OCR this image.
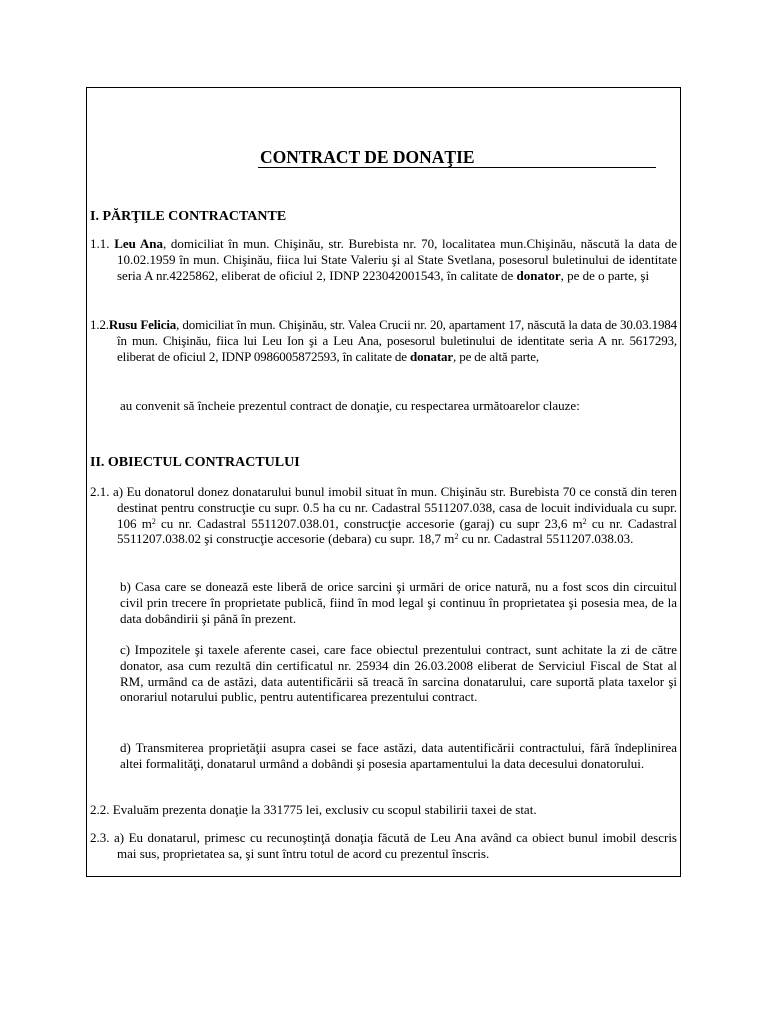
CONTRACT DE DONAŢIE
I. PĂRŢILE CONTRACTANTE
1.1. Leu Ana, domiciliat în mun. Chişinău, str. Burebista nr. 70, localitatea mun.Chişinău, născută la data de 10.02.1959 în mun. Chişinău, fiica lui State Valeriu şi al State Svetlana, posesorul buletinului de identitate seria A nr.4225862, eliberat de oficiul 2, IDNP 223042001543, în calitate de donator, pe de o parte, şi
1.2.Rusu Felicia, domiciliat în mun. Chişinău, str. Valea Crucii nr. 20, apartament 17, născută la data de 30.03.1984 în mun. Chişinău, fiica lui Leu Ion şi a Leu Ana, posesorul buletinului de identitate seria A nr. 5617293, eliberat de oficiul 2, IDNP 0986005872593, în calitate de donatar, pe de altă parte,
au convenit să încheie prezentul contract de donaţie, cu respectarea următoarelor clauze:
II. OBIECTUL CONTRACTULUI
2.1. a) Eu donatorul donez donatarului bunul imobil situat în mun. Chişinău str. Burebista 70 ce constă din teren destinat pentru construcţie cu supr. 0.5 ha cu nr. Cadastral 5511207.038, casa de locuit individuala cu supr. 106 $m^2$ cu nr. Cadastral 5511207.038.01, construcţie accesorie (garaj) cu supr 23,6 $m^2$ cu nr. Cadastral 5511207.038.02 şi construcţie accesorie (debara) cu supr. 18,7 $m^2$ cu nr. Cadastral 5511207.038.03.
b) Casa care se donează este liberă de orice sarcini şi urmări de orice natură, nu a fost scos din circuitul civil prin trecere în proprietate publică, fiind în mod legal şi continuu în proprietatea şi posesia mea, de la data dobândirii şi până în prezent.
c) Impozitele şi taxele aferente casei, care face obiectul prezentului contract, sunt achitate la zi de către donator, asa cum rezultă din certificatul nr. 25934 din 26.03.2008 eliberat de Serviciul Fiscal de Stat al RM, urmând ca de astăzi, data autentificării să treacă în sarcina donatarului, care suportă plata taxelor şi onorariul notarului public, pentru autentificarea prezentului contract.
d) Transmiterea proprietăţii asupra casei se face astăzi, data autentificării contractului, fără îndeplinirea altei formalităţi, donatarul urmând a dobândi şi posesia apartamentului la data decesului donatorului.
2.2. Evaluăm prezenta donaţie la 331775 lei, exclusiv cu scopul stabilirii taxei de stat.
2.3. a) Eu donatarul, primesc cu recunoştinţă donaţia făcută de Leu Ana având ca obiect bunul imobil descris mai sus, proprietatea sa, şi sunt întru totul de acord cu prezentul înscris.
